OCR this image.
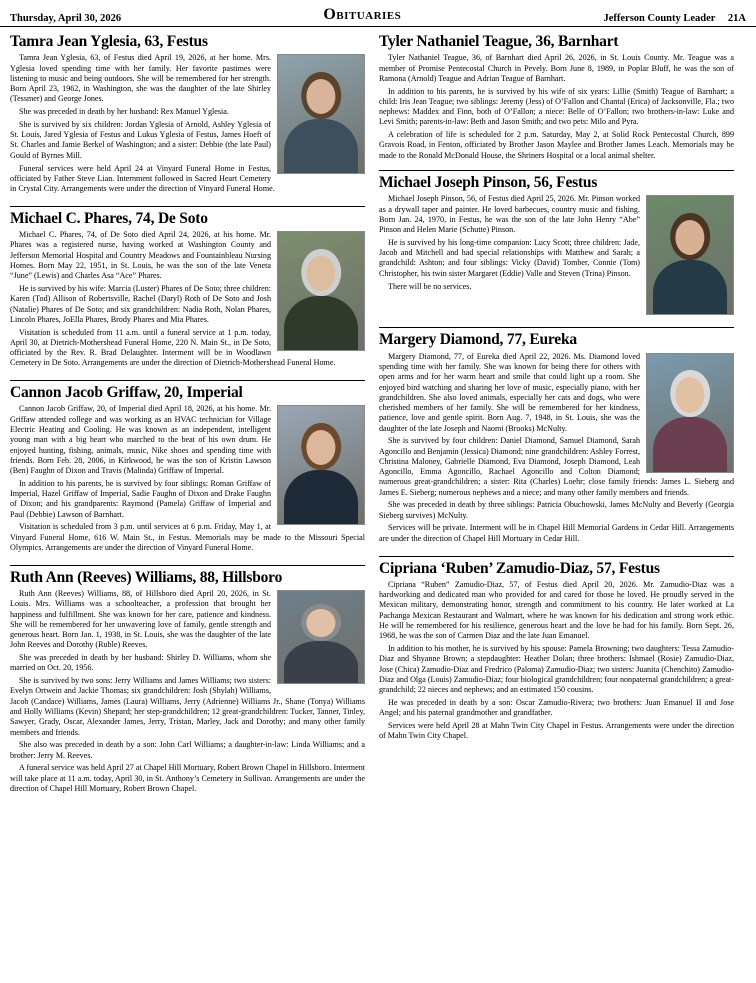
Thursday, April 30, 2026	Obituaries	Jefferson County Leader 21A
Tamra Jean Yglesia, 63, Festus

Tamra Jean Yglesia, 63, of Festus died April 19, 2026, at her home. Mrs. Yglesia loved spending time with her family. Her favorite pastimes were listening to music and being outdoors. She will be remembered for her strength. Born April 23, 1962, in Washington, she was the daughter of the late Shirley (Tessmer) and George Jones.

She was preceded in death by her husband: Rex Manuel Yglesia.

She is survived by six children: Jordan Yglesia of Arnold, Ashley Yglesia of St. Louis, Jared Yglesia of Festus and Lukus Yglesia of Festus, James Hoeft of St. Charles and Jamie Berkel of Washington; and a sister: Debbie (the late Paul) Gould of Byrnes Mill.

Funeral services were held April 24 at Vinyard Funeral Home in Festus, officiated by Father Steve Lian. Internment followed in Sacred Heart Cemetery in Crystal City. Arrangements were under the direction of Vinyard Funeral Home.

Michael C. Phares, 74, De Soto

Michael C. Phares, 74, of De Soto died April 24, 2026, at his home. Mr. Phares was a registered nurse, having worked at Washington County and Jefferson Memorial Hospital and Country Meadows and Fountainbleau Nursing Homes. Born May 22, 1951, in St. Louis, he was the son of the late Veneta “June” (Lewis) and Charles Asa “Ace” Phares.

He is survived by his wife: Marcia (Luster) Phares of De Soto; three children: Karen (Tod) Allison of Robertsville, Rachel (Daryl) Roth of De Soto and Josh (Natalie) Phares of De Soto; and six grandchildren: Nadia Roth, Nolan Phares, Lincoln Phares, JoElla Phares, Brody Phares and Mia Phares.

Visitation is scheduled from 11 a.m. until a funeral service at 1 p.m. today, April 30, at Dietrich-Mothershead Funeral Home, 220 N. Main St., in De Soto, officiated by the Rev. R. Brad Delaughter. Interment will be in Woodlawn Cemetery in De Soto. Arrangements are under the direction of Dietrich-Mothershead Funeral Home.

Cannon Jacob Griffaw, 20, Imperial

Cannon Jacob Griffaw, 20, of Imperial died April 18, 2026, at his home. Mr. Griffaw attended college and was working as an HVAC technician for Village Electric Heating and Cooling. He was known as an independent, intelligent young man with a big heart who marched to the beat of his own drum. He enjoyed hunting, fishing, animals, music, Nike shoes and spending time with friends. Born Feb. 28, 2006, in Kirkwood, he was the son of Kristin Lawson (Ben) Faughn of Dixon and Travis (Malinda) Griffaw of Imperial.

In addition to his parents, he is survived by four siblings: Roman Griffaw of Imperial, Hazel Griffaw of Imperial, Sadie Faughn of Dixon and Drake Faughn of Dixon; and his grandparents: Raymond (Pamela) Griffaw of Imperial and Paul (Debbie) Lawson of Barnhart.

Visitation is scheduled from 3 p.m. until services at 6 p.m. Friday, May 1, at Vinyard Funeral Home, 616 W. Main St., in Festus. Memorials may be made to the Missouri Special Olympics. Arrangements are under the direction of Vinyard Funeral Home.

Ruth Ann (Reeves) Williams, 88, Hillsboro

Ruth Ann (Reeves) Williams, 88, of Hillsboro died April 20, 2026, in St. Louis. Mrs. Williams was a schoolteacher, a profession that brought her happiness and fulfillment. She was known for her care, patience and kindness. She will be remembered for her unwavering love of family, gentle strength and generous heart. Born Jan. 1, 1938, in St. Louis, she was the daughter of the late John Reeves and Dorothy (Ruble) Reeves.

She was preceded in death by her husband: Shirley D. Williams, whom she married on Oct. 20, 1956.

She is survived by two sons: Jerry Williams and James Williams; two sisters: Evelyn Ortwein and Jackie Thomas; six grandchildren: Josh (Shylah) Williams, Jacob (Candace) Williams, James (Laura) Williams, Jerry (Adrienne) Williams Jr., Shane (Tonya) Williams and Holly Williams (Kevin) Shepard; her step-grandchildren; 12 great-grandchildren: Tucker, Tanner, Tinley, Sawyer, Grady, Oscar, Alexander James, Jerry, Tristan, Marley, Jack and Dorothy; and many other family members and friends.

She also was preceded in death by a son: John Carl Williams; a daughter-in-law: Linda Williams; and a brother: Jerry M. Reeves.

A funeral service was held April 27 at Chapel Hill Mortuary, Robert Brown Chapel in Hillsboro. Interment will take place at 11 a.m. today, April 30, in St. Anthony’s Cemetery in Sullivan. Arrangements are under the direction of Chapel Hill Mortuary, Robert Brown Chapel.

Tyler Nathaniel Teague, 36, Barnhart

Tyler Nathaniel Teague, 36, of Barnhart died April 26, 2026, in St. Louis County. Mr. Teague was a member of Promise Pentecostal Church in Pevely. Born June 8, 1989, in Poplar Bluff, he was the son of Ramona (Arnold) Teague and Adrian Teague of Barnhart.

In addition to his parents, he is survived by his wife of six years: Lillie (Smith) Teague of Barnhart; a child: Iris Jean Teague; two siblings: Jeremy (Jess) of O’Fallon and Chantal (Erica) of Jacksonville, Fla.; two nephews: Maddex and Finn, both of O’Fallon; a niece: Belle of O’Fallon; two brothers-in-law: Luke and Levi Smith; parents-in-law: Beth and Jason Smith; and two pets: Milo and Pyra.

A celebration of life is scheduled for 2 p.m. Saturday, May 2, at Solid Rock Pentecostal Church, 899 Gravois Road, in Fenton, officiated by Brother Jason Maylee and Brother James Leach. Memorials may be made to the Ronald McDonald House, the Shriners Hospital or a local animal shelter.

Michael Joseph Pinson, 56, Festus

Michael Joseph Pinson, 56, of Festus died April 25, 2026. Mr. Pinson worked as a drywall taper and painter. He loved barbecues, country music and fishing. Born Jan. 24, 1970, in Festus, he was the son of the late John Henry “Abe” Pinson and Helen Marie (Schutte) Pinson.

He is survived by his long-time companion: Lucy Scott; three children: Jade, Jacob and Mitchell and had special relationships with Matthew and Sarah; a grandchild: Ashton; and four siblings: Vicky (David) Tomber, Connie (Tom) Christopher, his twin sister Margaret (Eddie) Valle and Steven (Trina) Pinson.

There will be no services.

Margery Diamond, 77, Eureka

Margery Diamond, 77, of Eureka died April 22, 2026. Ms. Diamond loved spending time with her family. She was known for being there for others with open arms and for her warm heart and smile that could light up a room. She enjoyed bird watching and sharing her love of music, especially piano, with her grandchildren. She also loved animals, especially her cats and dogs, who were cherished members of her family. She will be remembered for her kindness, patience, love and gentle spirit. Born Aug. 7, 1948, in St. Louis, she was the daughter of the late Joseph and Naomi (Brooks) McNulty.

She is survived by four children: Daniel Diamond, Samuel Diamond, Sarah Agoncillo and Benjamin (Jessica) Diamond; nine grandchildren: Ashley Forrest, Christina Maloney, Gabrielle Diamond, Eva Diamond, Joseph Diamond, Leah Agoncillo, Emma Agoncillo, Rachael Agoncillo and Colton Diamond; numerous great-grandchildren; a sister: Rita (Charles) Loehr; close family friends: James L. Sieberg and James E. Sieberg; numerous nephews and a niece; and many other family members and friends.

She was preceded in death by three siblings: Patricia Obuchowski, James McNulty and Beverly (Georgia Sieberg survives) McNulty.

Services will be private. Interment will be in Chapel Hill Memorial Gardens in Cedar Hill. Arrangements are under the direction of Chapel Hill Mortuary in Cedar Hill.

Cipriana ‘Ruben’ Zamudio-Diaz, 57, Festus

Cipriana “Ruben” Zamudio-Diaz, 57, of Festus died April 20, 2026. Mr. Zamudio-Diaz was a hardworking and dedicated man who provided for and cared for those he loved. He proudly served in the Mexican military, demonstrating honor, strength and commitment to his country. He later worked at La Pachanga Mexican Restaurant and Walmart, where he was known for his dedication and strong work ethic. He will be remembered for his resilience, generous heart and the love he had for his family. Born Sept. 26, 1968, he was the son of Carmen Diaz and the late Juan Emanuel.

In addition to his mother, he is survived by his spouse: Pamela Browning; two daughters: Tessa Zamudio-Diaz and Shyanne Brown; a stepdaughter: Heather Dolan; three brothers: Ishmael (Rosie) Zamudio-Diaz, Jose (Chica) Zamudio-Diaz and Fredrico (Paloma) Zamudio-Diaz; two sisters: Juanita (Chenchito) Zamudio-Diaz and Olga (Louis) Zamudio-Diaz; four biological grandchildren; four nonpaternal grandchildren; a great-grandchild; 22 nieces and nephews; and an estimated 150 cousins.

He was preceded in death by a son: Oscar Zamudio-Rivera; two brothers: Juan Emanuel II and Jose Angel; and his paternal grandmother and grandfather.

Services were held April 28 at Mahn Twin City Chapel in Festus. Arrangements were under the direction of Mahn Twin City Chapel.
